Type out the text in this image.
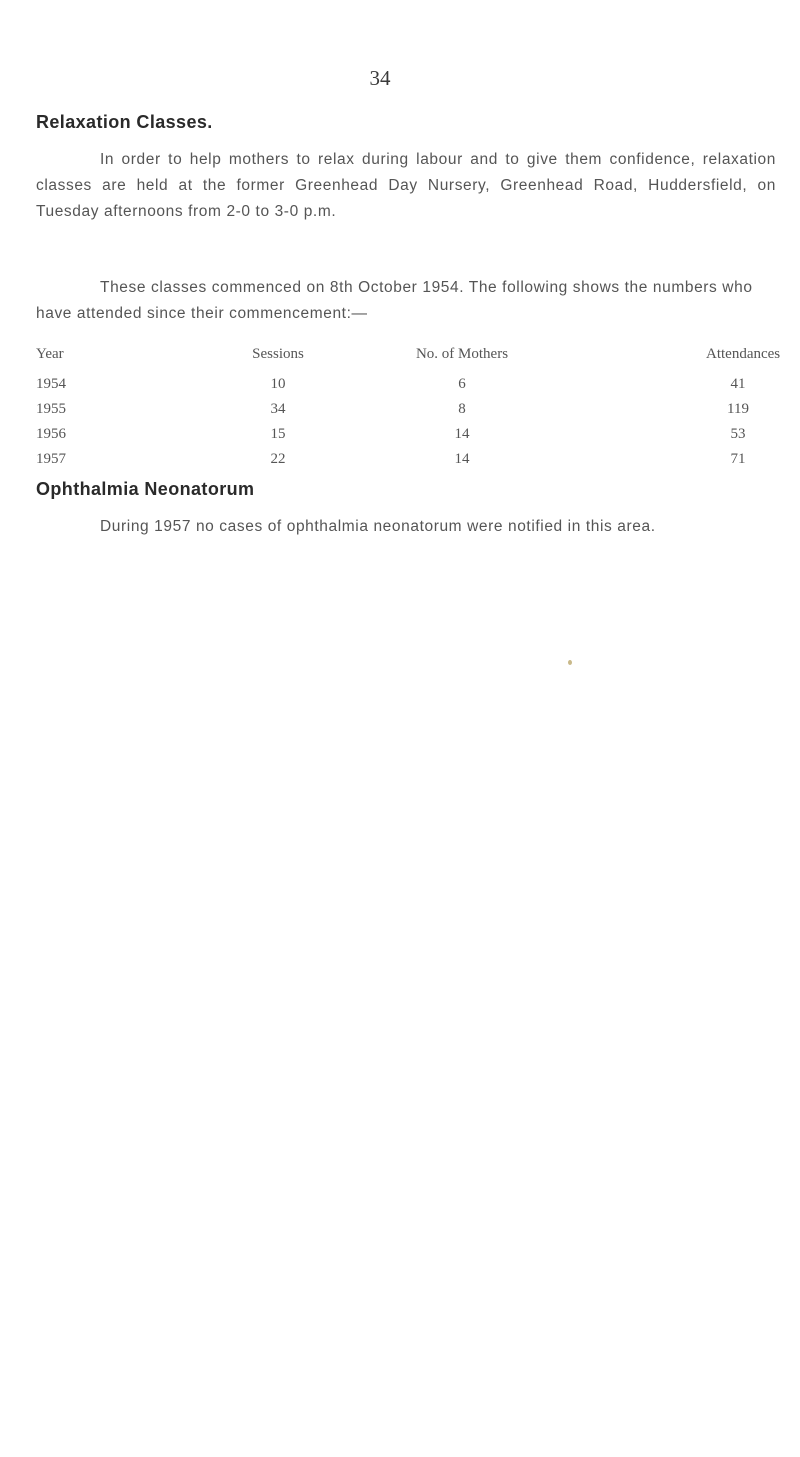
34
Relaxation Classes.

In order to help mothers to relax during labour and to give them confidence, relaxation classes are held at the former Greenhead Day Nursery, Greenhead Road, Huddersfield, on Tuesday afternoons from 2-0 to 3-0 p.m.

These classes commenced on 8th October 1954. The following shows the numbers who have attended since their commencement:—

Year	Sessions	No. of Mothers	Attendances
1954	10	6	41
1955	34	8	119
1956	15	14	53
1957	22	14	71
Ophthalmia Neonatorum

During 1957 no cases of ophthalmia neonatorum were notified in this area.
